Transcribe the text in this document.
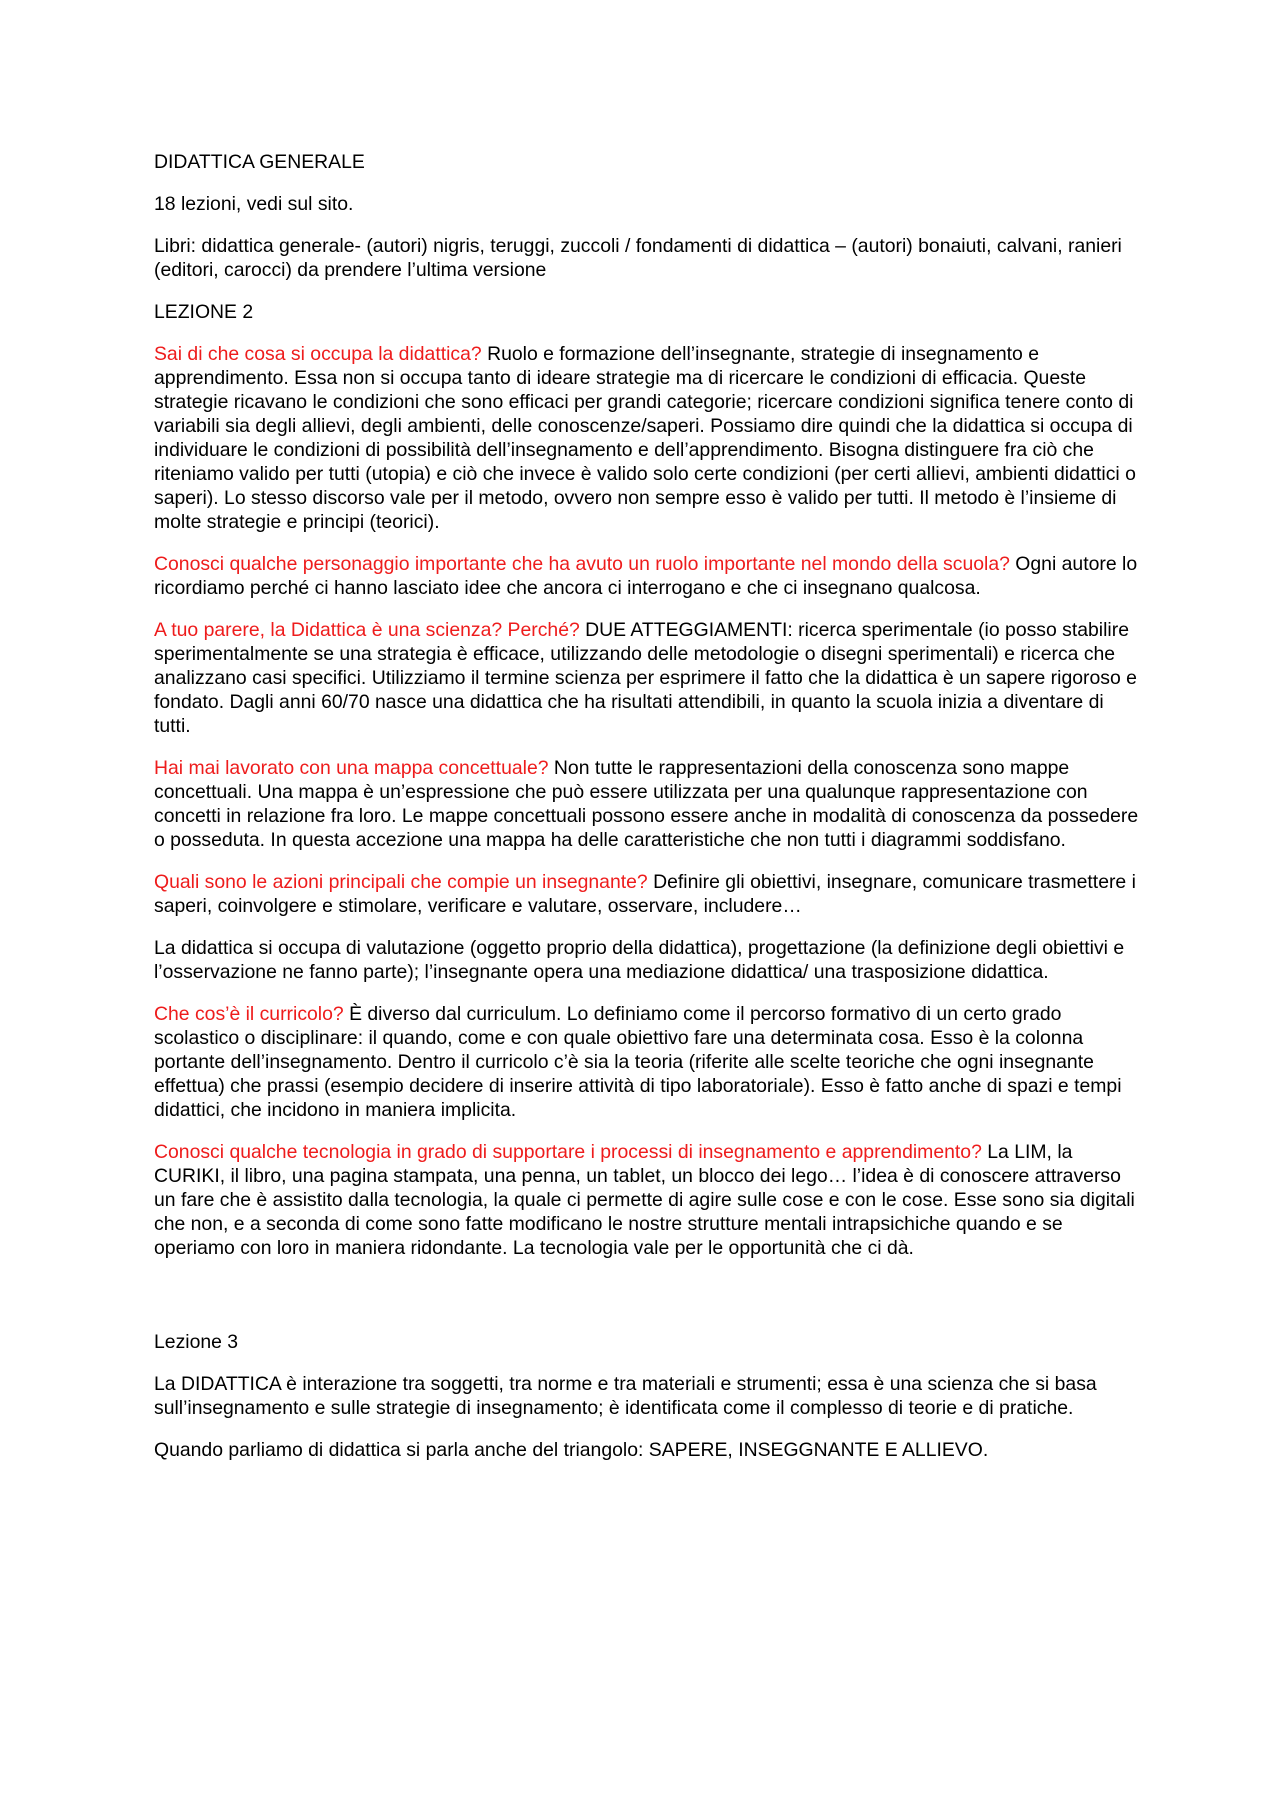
DIDATTICA GENERALE

18 lezioni, vedi sul sito.

Libri: didattica generale- (autori) nigris, teruggi, zuccoli / fondamenti di didattica – (autori) bonaiuti, calvani, ranieri (editori, carocci) da prendere l’ultima versione

LEZIONE 2

Sai di che cosa si occupa la didattica? Ruolo e formazione dell’insegnante, strategie di insegnamento e apprendimento. Essa non si occupa tanto di ideare strategie ma di ricercare le condizioni di efficacia. Queste strategie ricavano le condizioni che sono efficaci per grandi categorie; ricercare condizioni significa tenere conto di variabili sia degli allievi, degli ambienti, delle conoscenze/saperi. Possiamo dire quindi che la didattica si occupa di individuare le condizioni di possibilità dell’insegnamento e dell’apprendimento. Bisogna distinguere fra ciò che riteniamo valido per tutti (utopia) e ciò che invece è valido solo certe condizioni (per certi allievi, ambienti didattici o saperi). Lo stesso discorso vale per il metodo, ovvero non sempre esso è valido per tutti. Il metodo è l’insieme di molte strategie e principi (teorici).

Conosci qualche personaggio importante che ha avuto un ruolo importante nel mondo della scuola? Ogni autore lo ricordiamo perché ci hanno lasciato idee che ancora ci interrogano e che ci insegnano qualcosa.

A tuo parere, la Didattica è una scienza? Perché? DUE ATTEGGIAMENTI: ricerca sperimentale (io posso stabilire sperimentalmente se una strategia è efficace, utilizzando delle metodologie o disegni sperimentali) e ricerca che analizzano casi specifici. Utilizziamo il termine scienza per esprimere il fatto che la didattica è un sapere rigoroso e fondato. Dagli anni 60/70 nasce una didattica che ha risultati attendibili, in quanto la scuola inizia a diventare di tutti.

Hai mai lavorato con una mappa concettuale? Non tutte le rappresentazioni della conoscenza sono mappe concettuali. Una mappa è un’espressione che può essere utilizzata per una qualunque rappresentazione con concetti in relazione fra loro. Le mappe concettuali possono essere anche in modalità di conoscenza da possedere o posseduta. In questa accezione una mappa ha delle caratteristiche che non tutti i diagrammi soddisfano.

Quali sono le azioni principali che compie un insegnante? Definire gli obiettivi, insegnare, comunicare trasmettere i saperi, coinvolgere e stimolare, verificare e valutare, osservare, includere…

La didattica si occupa di valutazione (oggetto proprio della didattica), progettazione (la definizione degli obiettivi e l’osservazione ne fanno parte); l’insegnante opera una mediazione didattica/ una trasposizione didattica.

Che cos’è il curricolo? È diverso dal curriculum. Lo definiamo come il percorso formativo di un certo grado scolastico o disciplinare: il quando, come e con quale obiettivo fare una determinata cosa. Esso è la colonna portante dell’insegnamento. Dentro il curricolo c’è sia la teoria (riferite alle scelte teoriche che ogni insegnante effettua) che prassi (esempio decidere di inserire attività di tipo laboratoriale). Esso è fatto anche di spazi e tempi didattici, che incidono in maniera implicita.

Conosci qualche tecnologia in grado di supportare i processi di insegnamento e apprendimento? La LIM, la CURIKI, il libro, una pagina stampata, una penna, un tablet, un blocco dei lego… l’idea è di conoscere attraverso un fare che è assistito dalla tecnologia, la quale ci permette di agire sulle cose e con le cose. Esse sono sia digitali che non, e a seconda di come sono fatte modificano le nostre strutture mentali intrapsichiche quando e se operiamo con loro in maniera ridondante. La tecnologia vale per le opportunità che ci dà.

Lezione 3

La DIDATTICA è interazione tra soggetti, tra norme e tra materiali e strumenti; essa è una scienza che si basa sull’insegnamento e sulle strategie di insegnamento; è identificata come il complesso di teorie e di pratiche.

Quando parliamo di didattica si parla anche del triangolo: SAPERE, INSEGGNANTE E ALLIEVO.
